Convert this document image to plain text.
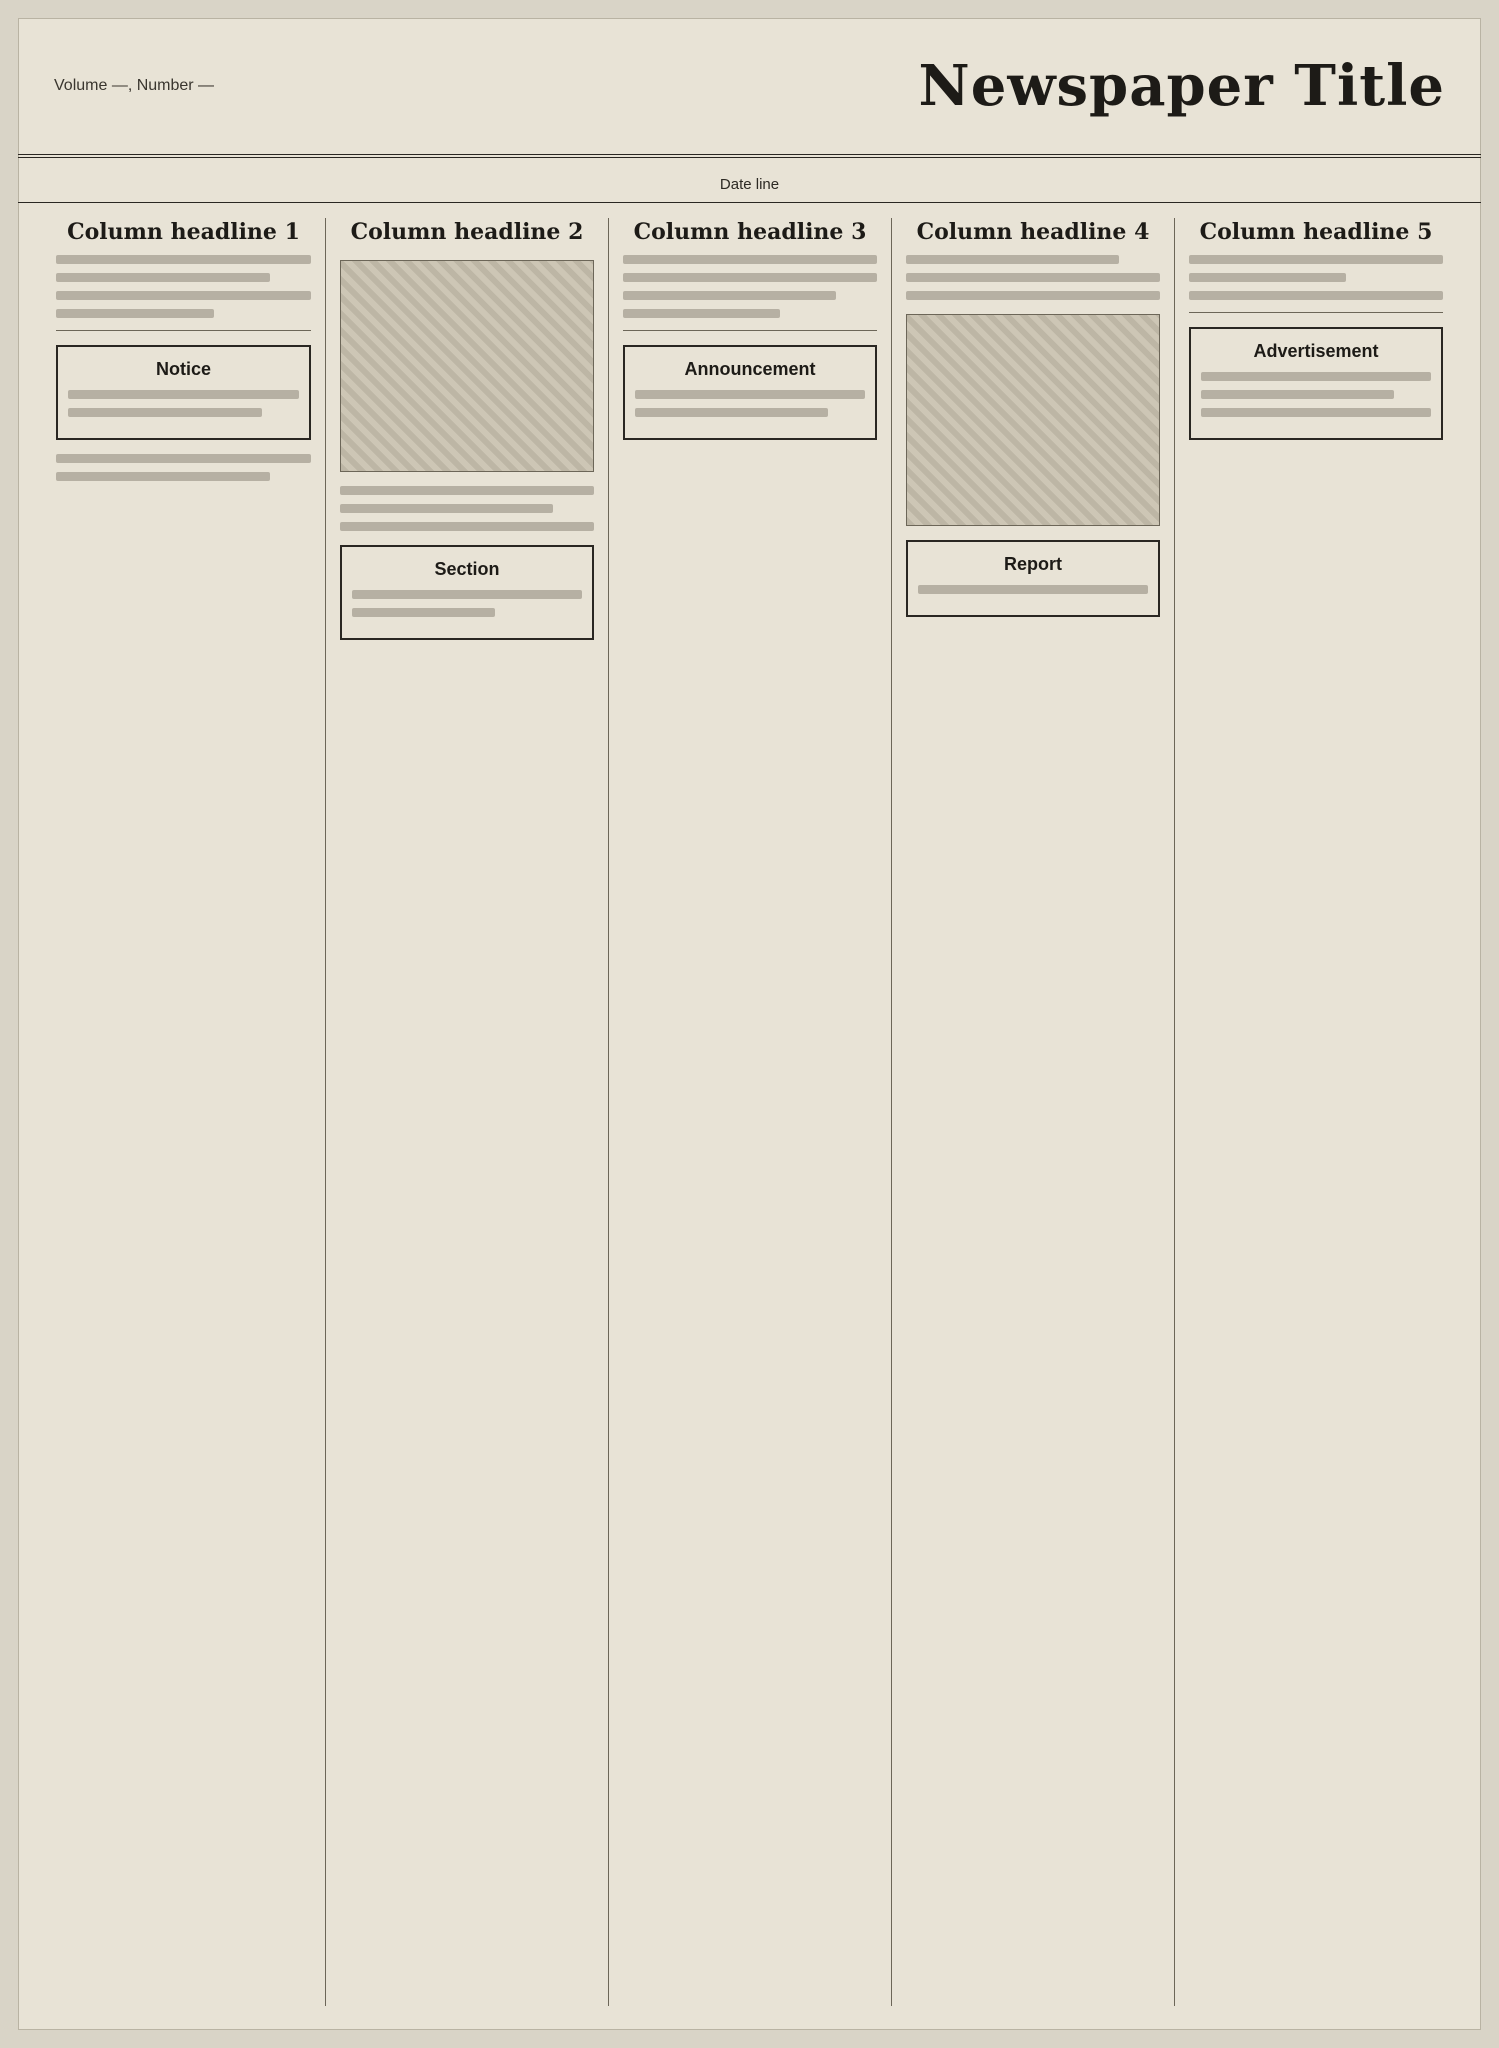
Volume —, Number —	Newspaper Title
Date line
Column headline 1
Notice
Column headline 2
Section
Column headline 3
Announcement
Column headline 4
Report
Column headline 5
Advertisement
